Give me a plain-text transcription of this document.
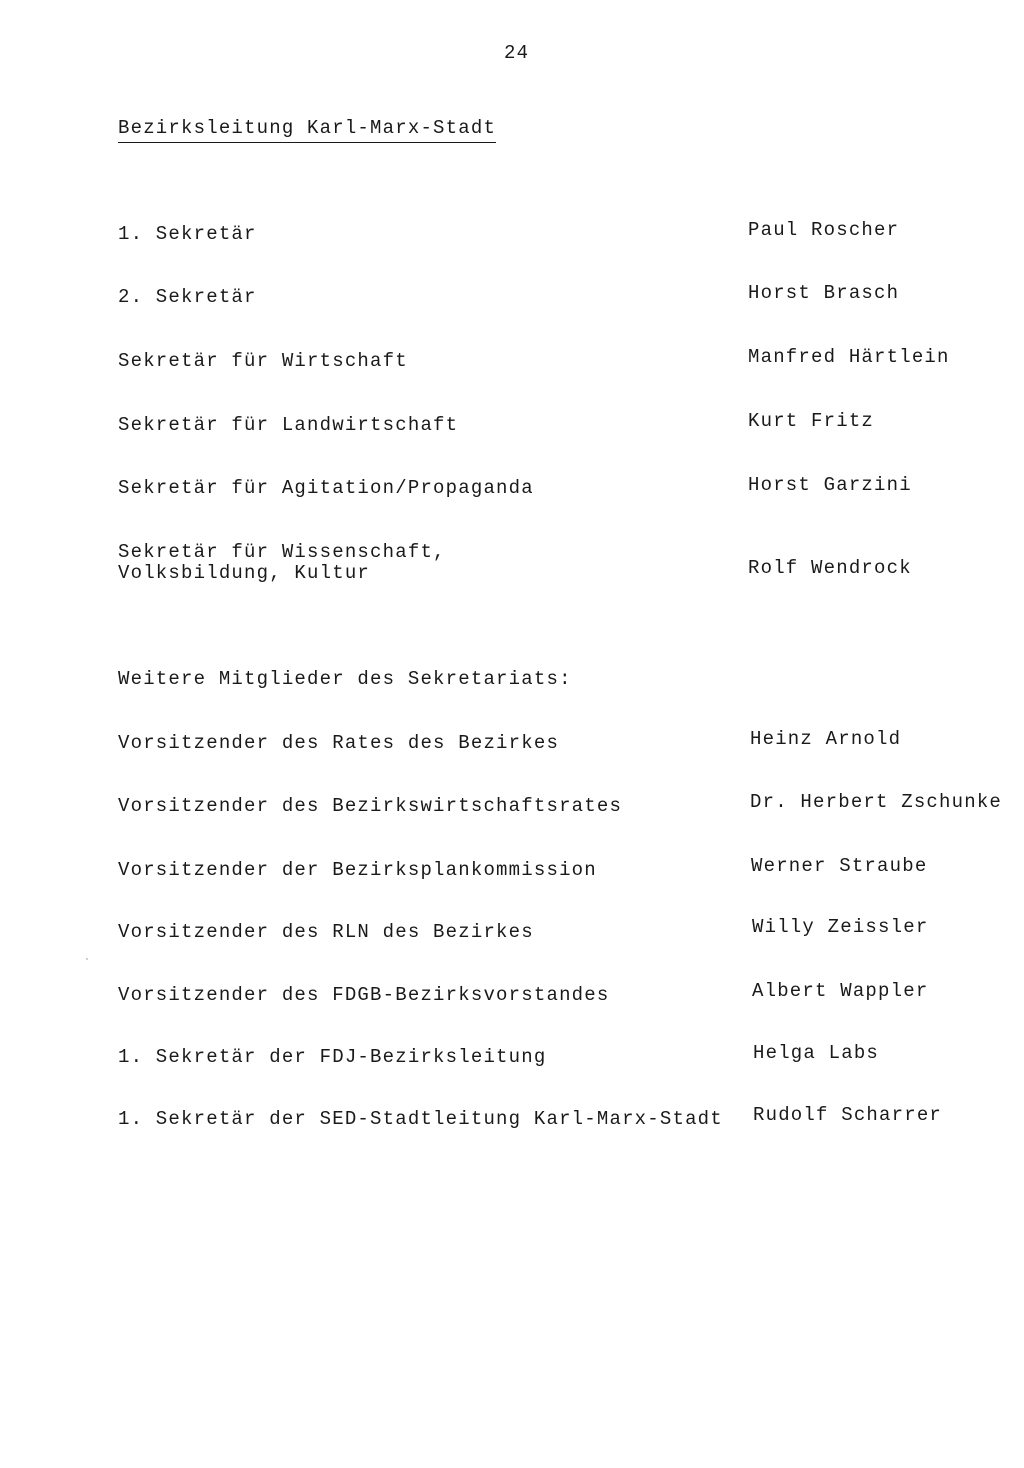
24
Bezirksleitung Karl-Marx-Stadt
1. Sekretär	Paul Roscher
2. Sekretär	Horst Brasch
Sekretär für Wirtschaft	Manfred Härtlein
Sekretär für Landwirtschaft	Kurt Fritz
Sekretär für Agitation/Propaganda	Horst Garzini
Sekretär für Wissenschaft,
Volksbildung, Kultur	Rolf Wendrock
Weitere Mitglieder des Sekretariats:
Vorsitzender des Rates des Bezirkes	Heinz Arnold
Vorsitzender des Bezirkswirtschaftsrates	Dr. Herbert Zschunke
Vorsitzender der Bezirksplankommission	Werner Straube
Vorsitzender des RLN des Bezirkes	Willy Zeissler
Vorsitzender des FDGB-Bezirksvorstandes	Albert Wappler
1. Sekretär der FDJ-Bezirksleitung	Helga Labs
1. Sekretär der SED-Stadtleitung Karl-Marx-Stadt Rudolf Scharrer
